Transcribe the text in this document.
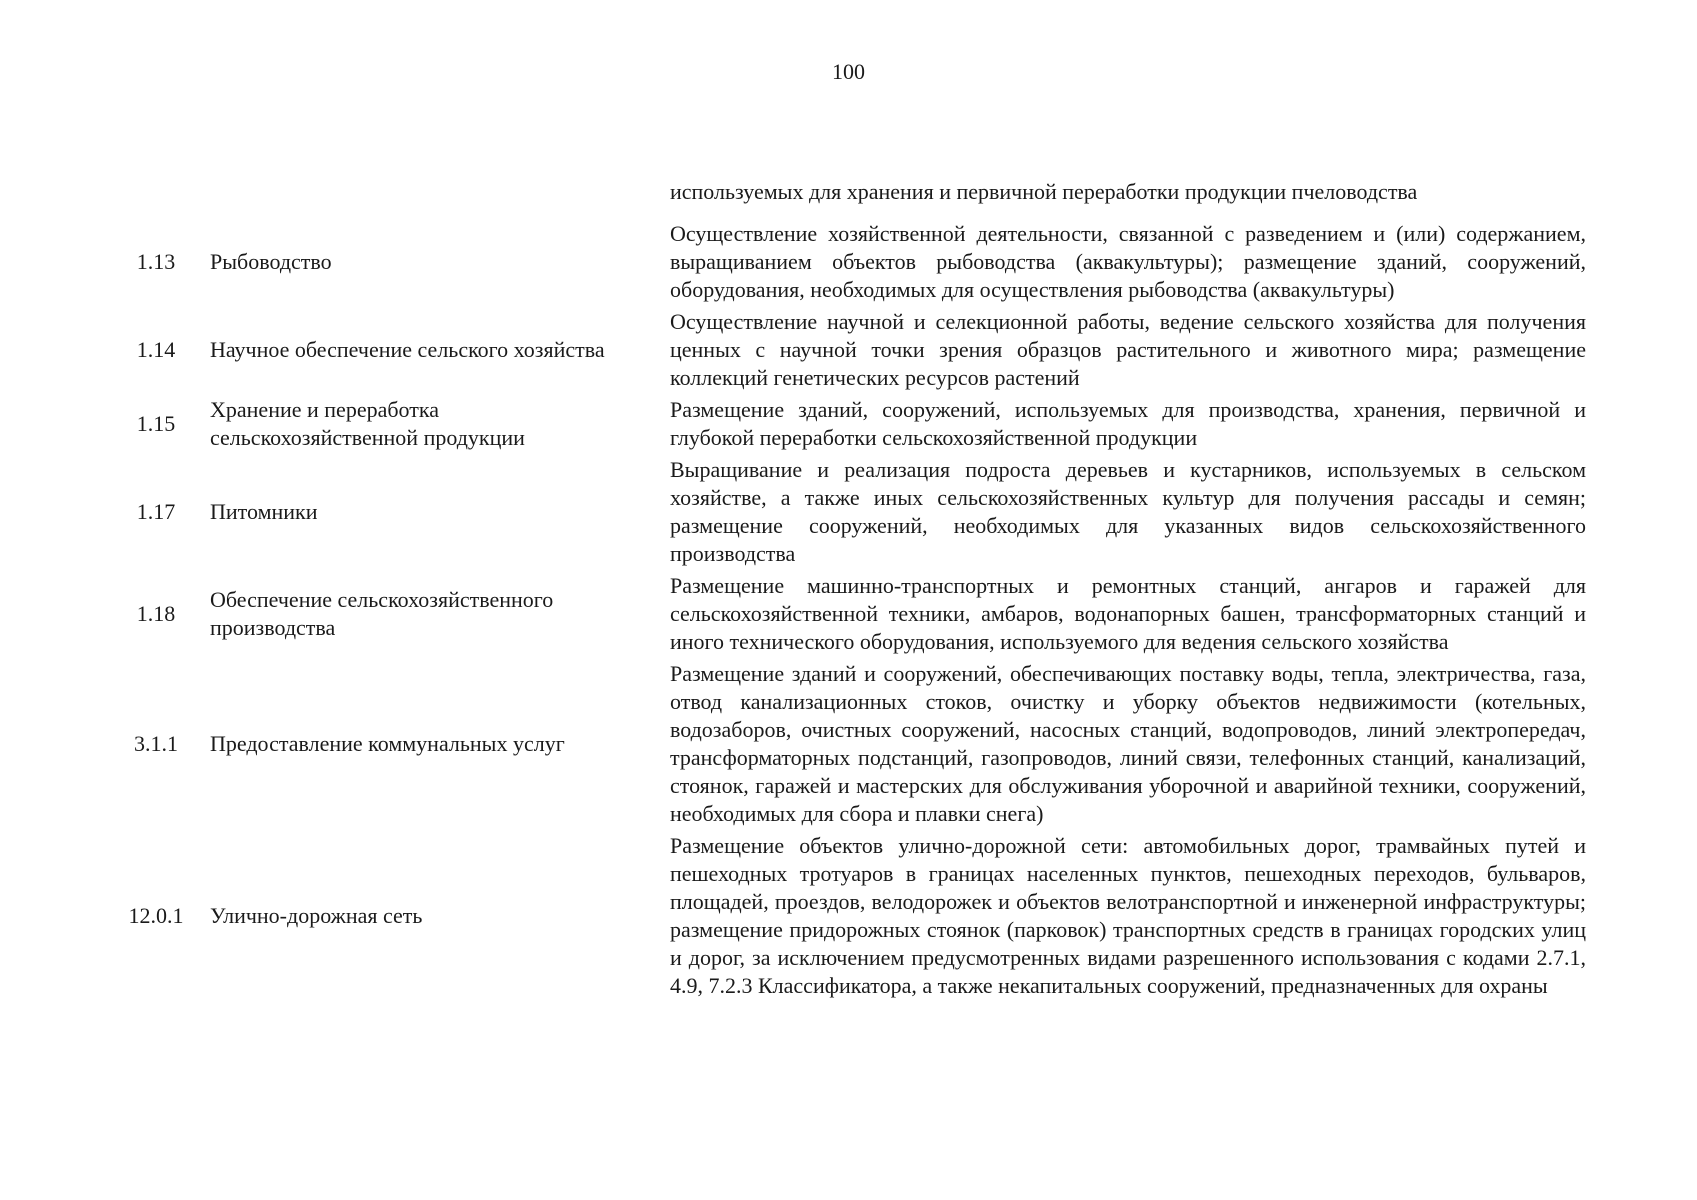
100
		используемых для хранения и первичной переработки продукции пчеловодства
1.13	Рыбоводство	Осуществление хозяйственной деятельности, связанной с разведением и (или) содержанием, выращиванием объектов рыбоводства (аквакультуры); размещение зданий, сооружений, оборудования, необходимых для осуществления рыбоводства (аквакультуры)
1.14	Научное обеспечение сельского хозяйства	Осуществление научной и селекционной работы, ведение сельского хозяйства для получения ценных с научной точки зрения образцов растительного и животного мира; размещение коллекций генетических ресурсов растений
1.15	Хранение и переработка сельскохозяйственной продукции	Размещение зданий, сооружений, используемых для производства, хранения, первичной и глубокой переработки сельскохозяйственной продукции
1.17	Питомники	Выращивание и реализация подроста деревьев и кустарников, используемых в сельском хозяйстве, а также иных сельскохозяйственных культур для получения рассады и семян; размещение сооружений, необходимых для указанных видов сельскохозяйственного производства
1.18	Обеспечение сельскохозяйственного производства	Размещение машинно-транспортных и ремонтных станций, ангаров и гаражей для сельскохозяйственной техники, амбаров, водонапорных башен, трансформаторных станций и иного технического оборудования, используемого для ведения сельского хозяйства
3.1.1	Предоставление коммунальных услуг	Размещение зданий и сооружений, обеспечивающих поставку воды, тепла, электричества, газа, отвод канализационных стоков, очистку и уборку объектов недвижимости (котельных, водозаборов, очистных сооружений, насосных станций, водопроводов, линий электропередач, трансформаторных подстанций, газопроводов, линий связи, телефонных станций, канализаций, стоянок, гаражей и мастерских для обслуживания уборочной и аварийной техники, сооружений, необходимых для сбора и плавки снега)
12.0.1	Улично-дорожная сеть	Размещение объектов улично-дорожной сети: автомобильных дорог, трамвайных путей и пешеходных тротуаров в границах населенных пунктов, пешеходных переходов, бульваров, площадей, проездов, велодорожек и объектов велотранспортной и инженерной инфраструктуры; размещение придорожных стоянок (парковок) транспортных средств в границах городских улиц и дорог, за исключением предусмотренных видами разрешенного использования с кодами 2.7.1, 4.9, 7.2.3 Классификатора, а также некапитальных сооружений, предназначенных для охраны
